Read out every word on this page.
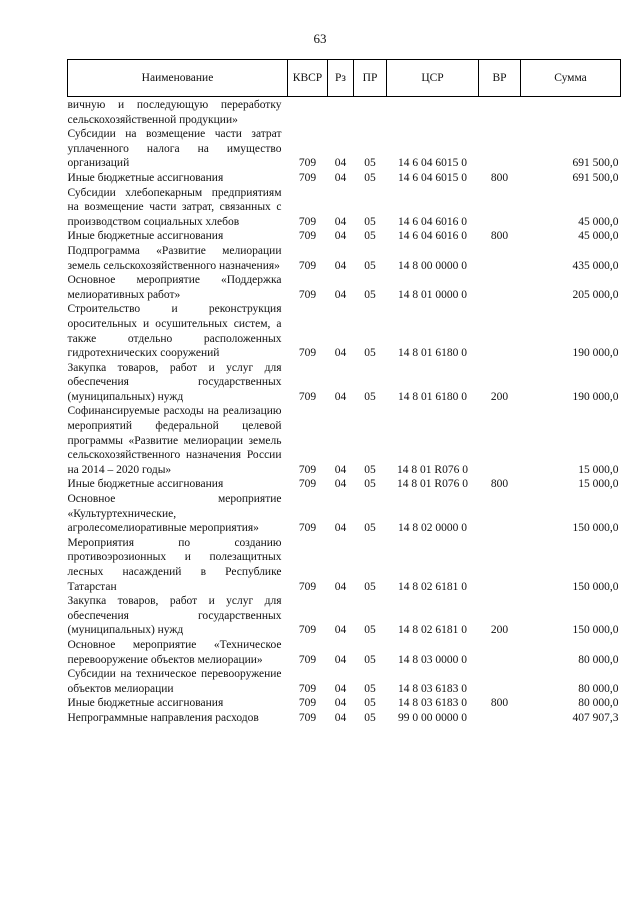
63
Наименование	КВСР	Рз	ПР	ЦСР	ВР	Сумма
вичную и последующую переработку сельскохозяйственной продукции»						
Субсидии на возмещение части затрат уплаченного налога на имущество организаций	709	04	05	14 6 04 6015 0		691 500,0
Иные бюджетные ассигнования	709	04	05	14 6 04 6015 0	800	691 500,0
Субсидии хлебопекарным предприятиям на возмещение части затрат, связанных с производством социальных хлебов	709	04	05	14 6 04 6016 0		45 000,0
Иные бюджетные ассигнования	709	04	05	14 6 04 6016 0	800	45 000,0
Подпрограмма «Развитие мелиорации земель сельскохозяйственного назначения»	709	04	05	14 8 00 0000 0		435 000,0
Основное мероприятие «Поддержка мелиоративных работ»	709	04	05	14 8 01 0000 0		205 000,0
Строительство и реконструкция оросительных и осушительных систем, а также отдельно расположенных гидротехнических сооружений	709	04	05	14 8 01 6180 0		190 000,0
Закупка товаров, работ и услуг для обеспечения государственных (муниципальных) нужд	709	04	05	14 8 01 6180 0	200	190 000,0
Софинансируемые расходы на реализацию мероприятий федеральной целевой программы «Развитие мелиорации земель сельскохозяйственного назначения России на 2014 – 2020 годы»	709	04	05	14 8 01 R076 0		15 000,0
Иные бюджетные ассигнования	709	04	05	14 8 01 R076 0	800	15 000,0
Основное мероприятие «Культуртехнические, агролесомелиоративные мероприятия»	709	04	05	14 8 02 0000 0		150 000,0
Мероприятия по созданию противоэрозионных и полезащитных лесных насаждений в Республике Татарстан	709	04	05	14 8 02 6181 0		150 000,0
Закупка товаров, работ и услуг для обеспечения государственных (муниципальных) нужд	709	04	05	14 8 02 6181 0	200	150 000,0
Основное мероприятие «Техническое перевооружение объектов мелиорации»	709	04	05	14 8 03 0000 0		80 000,0
Субсидии на техническое перевооружение объектов мелиорации	709	04	05	14 8 03 6183 0		80 000,0
Иные бюджетные ассигнования	709	04	05	14 8 03 6183 0	800	80 000,0
Непрограммные направления расходов	709	04	05	99 0 00 0000 0		407 907,3
